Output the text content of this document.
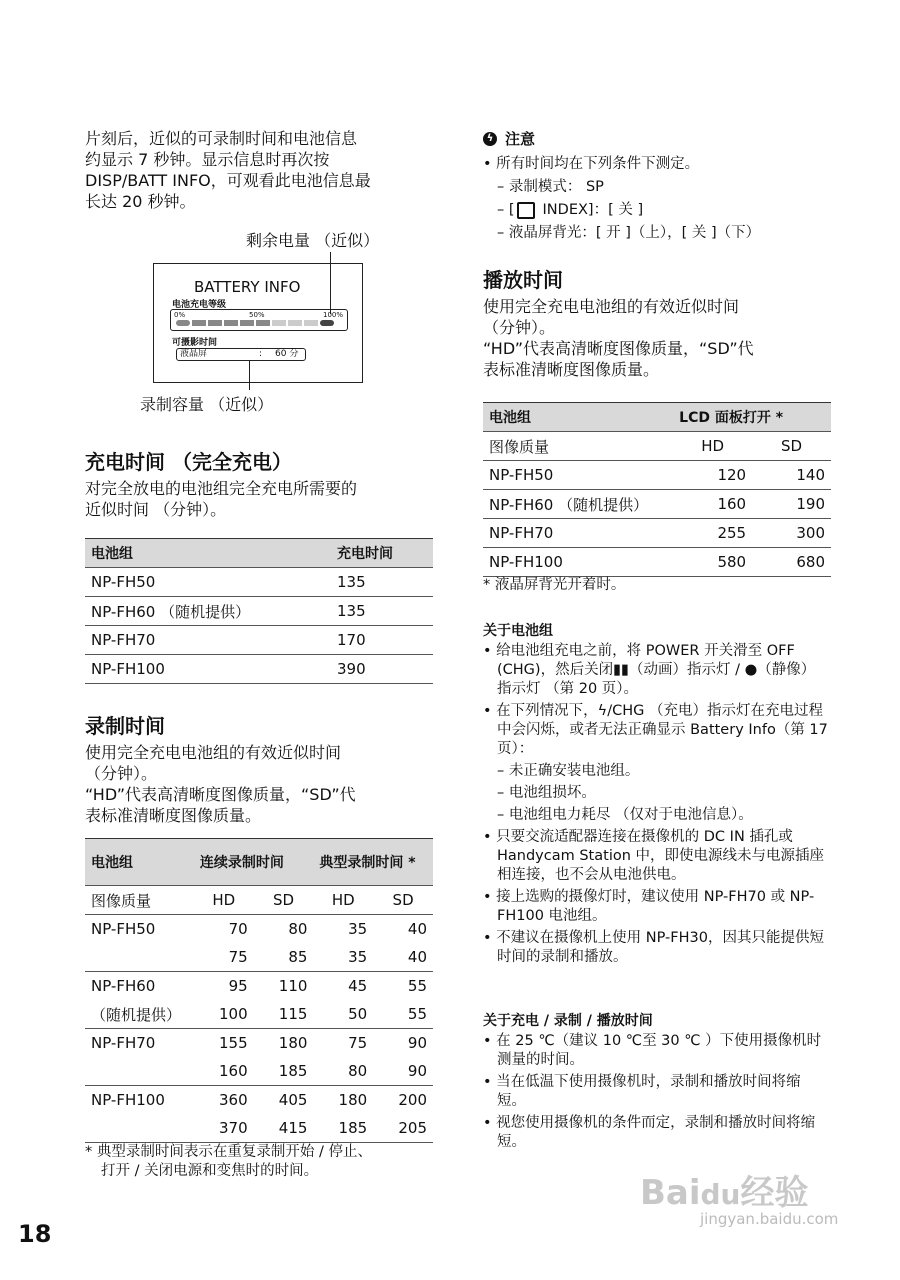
片刻后，近似的可录制时间和电池信息
约显示 7 秒钟。显示信息时再次按
DISP/BATT INFO，可观看此电池信息最
长达 20 秒钟。
剩余电量 （近似）
BATTERY INFO
电池充电等级
0%	50%	100%
可摄影时间
液晶屏	: 60 分
录制容量 （近似）
充电时间 （完全充电）
对完全放电的电池组完全充电所需要的
近似时间 （分钟）。
电池组	充电时间
NP-FH50	135
NP-FH60 （随机提供）	135
NP-FH70	170
NP-FH100	390
录制时间
使用完全充电电池组的有效近似时间
（分钟）。
“HD”代表高清晰度图像质量，“SD”代
表标准清晰度图像质量。
电池组	连续录制时间		典型录制时间 *	
图像质量	HD	SD	HD	SD
NP-FH50	70	80	35	40
	75	85	35	40
NP-FH60	95	110	45	55
（随机提供）	100	115	50	55
NP-FH70	155	180	75	90
	160	185	80	90
NP-FH100	360	405	180	200
	370	415	185	205
* 典型录制时间表示在重复录制开始 / 停止、
打开 / 关闭电源和变焦时的时间。
ϟ 注意
• 所有时间均在下列条件下测定。
– 录制模式： SP
– [ INDEX]：[ 关 ]
– 液晶屏背光：[ 开 ]（上），[ 关 ]（下）
播放时间
使用完全充电电池组的有效近似时间
（分钟）。
“HD”代表高清晰度图像质量，“SD”代
表标准清晰度图像质量。
电池组	LCD 面板打开 *	
图像质量	HD	SD
NP-FH50	120	140
NP-FH60 （随机提供）	160	190
NP-FH70	255	300
NP-FH100	580	680
* 液晶屏背光开着时。
关于电池组
• 给电池组充电之前，将 POWER 开关滑至 OFF (CHG)，然后关闭▮▮（动画）指示灯 / ●（静像）指示灯 （第 20 页）。
• 在下列情况下，ϟ/CHG （充电）指示灯在充电过程中会闪烁，或者无法正确显示 Battery Info（第 17 页）：
– 未正确安装电池组。
– 电池组损坏。
– 电池组电力耗尽 （仅对于电池信息）。
• 只要交流适配器连接在摄像机的 DC IN 插孔或 Handycam Station 中，即使电源线未与电源插座相连接，也不会从电池供电。
• 接上选购的摄像灯时，建议使用 NP-FH70 或 NP-FH100 电池组。
• 不建议在摄像机上使用 NP-FH30，因其只能提供短时间的录制和播放。
关于充电 / 录制 / 播放时间
• 在 25 ℃（建议 10 ℃至 30 ℃ ）下使用摄像机时测量的时间。
• 当在低温下使用摄像机时，录制和播放时间将缩短。
• 视您使用摄像机的条件而定，录制和播放时间将缩短。
18
Baidu经验
jingyan.baidu.com
